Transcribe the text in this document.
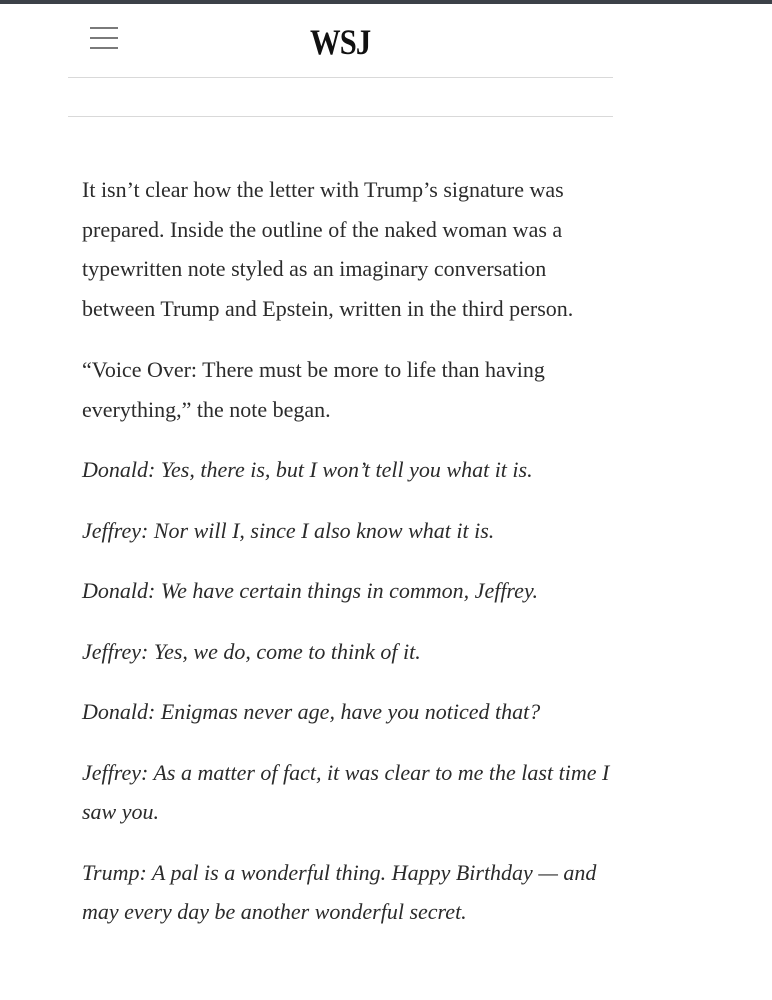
WSJ

It isn’t clear how the letter with Trump’s signature was prepared. Inside the outline of the naked woman was a typewritten note styled as an imaginary conversation between Trump and Epstein, written in the third person.

“Voice Over: There must be more to life than having everything,” the note began.

Donald: Yes, there is, but I won’t tell you what it is.

Jeffrey: Nor will I, since I also know what it is.

Donald: We have certain things in common, Jeffrey.

Jeffrey: Yes, we do, come to think of it.

Donald: Enigmas never age, have you noticed that?

Jeffrey: As a matter of fact, it was clear to me the last time I saw you.

Trump: A pal is a wonderful thing. Happy Birthday — and may every day be another wonderful secret.
